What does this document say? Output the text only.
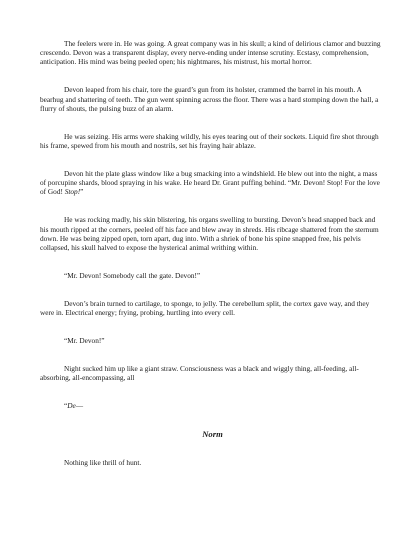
The feelers were in. He was going. A great company was in his skull; a kind of delirious clamor and buzzing crescendo. Devon was a transparent display, every nerve-ending under intense scrutiny. Ecstasy, comprehension, anticipation. His mind was being peeled open; his nightmares, his mistrust, his mortal horror.

Devon leaped from his chair, tore the guard’s gun from its holster, crammed the barrel in his mouth. A bearhug and shattering of teeth. The gun went spinning across the floor. There was a hard stomping down the hall, a flurry of shouts, the pulsing buzz of an alarm.

He was seizing. His arms were shaking wildly, his eyes tearing out of their sockets. Liquid fire shot through his frame, spewed from his mouth and nostrils, set his fraying hair ablaze.

Devon hit the plate glass window like a bug smacking into a windshield. He blew out into the night, a mass of porcupine shards, blood spraying in his wake. He heard Dr. Grant puffing behind. “Mr. Devon! Stop! For the love of God! Stop!”

He was rocking madly, his skin blistering, his organs swelling to bursting. Devon’s head snapped back and his mouth ripped at the corners, peeled off his face and blew away in shreds. His ribcage shattered from the sternum down. He was being zipped open, torn apart, dug into. With a shriek of bone his spine snapped free, his pelvis collapsed, his skull halved to expose the hysterical animal writhing within.

“Mr. Devon! Somebody call the gate. Devon!”

Devon’s brain turned to cartilage, to sponge, to jelly. The cerebellum split, the cortex gave way, and they were in. Electrical energy; frying, probing, hurtling into every cell.

“Mr. Devon!”

Night sucked him up like a giant straw. Consciousness was a black and wiggly thing, all-feeding, all-absorbing, all-encompassing, all

“De—

Norm

Nothing like thrill of hunt.
